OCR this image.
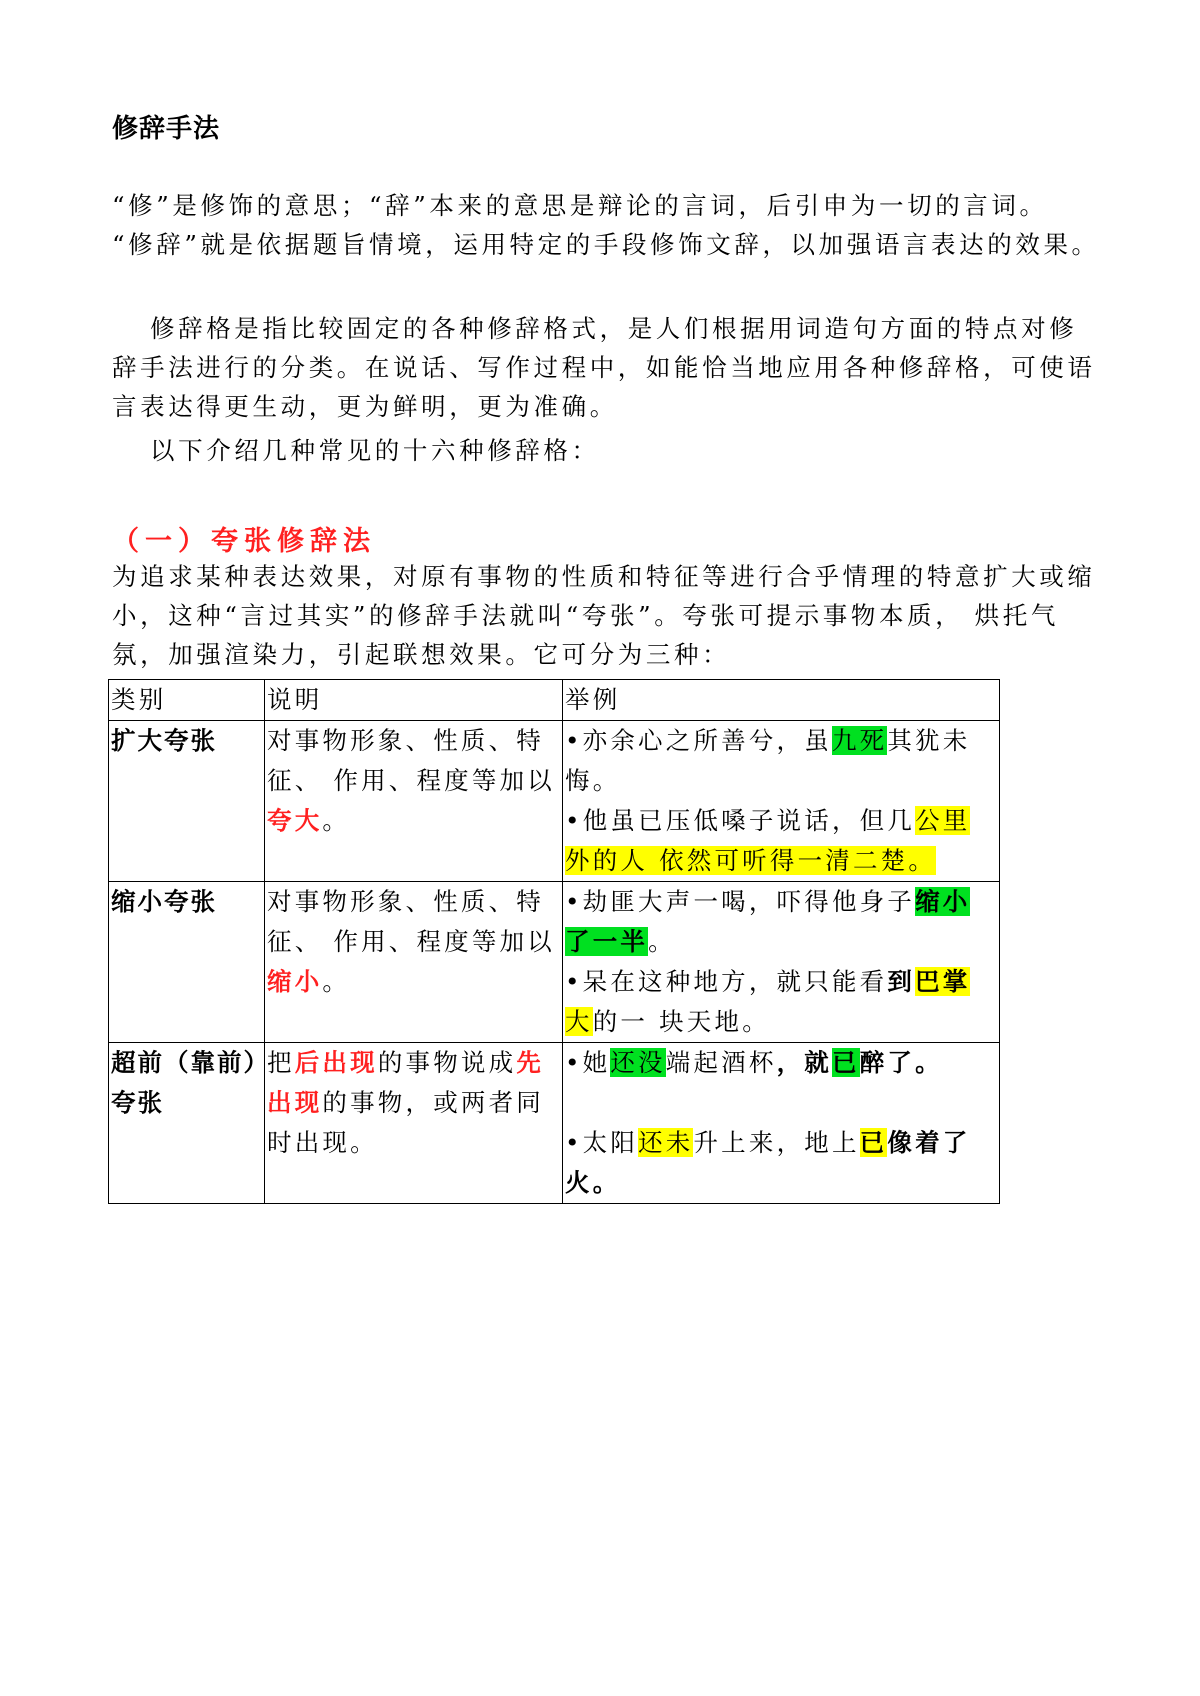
修辞手法

“修”是修饰的意思；“辞”本来的意思是辩论的言词，后引申为一切的言词。 “修辞”就是依据题旨情境，运用特定的手段修饰文辞，以加强语言表达的效果。

修辞格是指比较固定的各种修辞格式，是人们根据用词造句方面的特点对修辞手法进行的分类。在说话、写作过程中，如能恰当地应用各种修辞格，可使语言表达得更生动，更为鲜明，更为准确。

以下介绍几种常见的十六种修辞格：

（一）夸张修辞法

为追求某种表达效果，对原有事物的性质和特征等进行合乎情理的特意扩大或缩小，这种“言过其实”的修辞手法就叫“夸张”。夸张可提示事物本质， 烘托气氛，加强渲染力，引起联想效果。它可分为三种：

类别	说明	举例
扩大夸张	对事物形象、性质、特征、 作用、程度等加以夸大。	•亦余心之所善兮，虽九死其犹未悔。
•他虽已压低嗓子说话，但几公里外的人 依然可听得一清二楚。

缩小夸张	对事物形象、性质、特征、 作用、程度等加以缩小。	•劫匪大声一喝，吓得他身子缩小了一半。
•呆在这种地方，就只能看到巴掌大的一 块天地。

超前（靠前）夸张	把后出现的事物说成先出现的事物，或两者同时出现。	•她还没端起酒杯，就已醉了。
•太阳还未升上来，地上已像着了火。
